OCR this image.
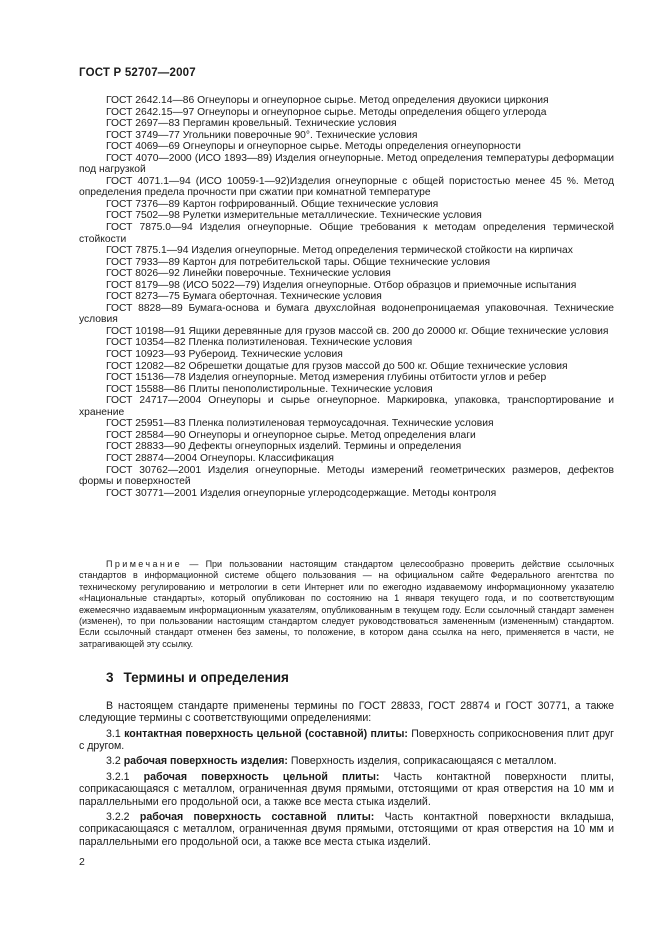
ГОСТ Р 52707—2007

ГОСТ 2642.14—86 Огнеупоры и огнеупорное сырье. Метод определения двуокиси циркония

ГОСТ 2642.15—97 Огнеупоры и огнеупорное сырье. Методы определения общего углерода

ГОСТ 2697—83 Пергамин кровельный. Технические условия

ГОСТ 3749—77 Угольники поверочные 90°. Технические условия

ГОСТ 4069—69 Огнеупоры и огнеупорное сырье. Методы определения огнеупорности

ГОСТ 4070—2000 (ИСО 1893—89) Изделия огнеупорные. Метод определения температуры деформации под нагрузкой

ГОСТ 4071.1—94 (ИСО 10059-1—92)Изделия огнеупорные с общей пористостью менее 45 %. Метод определения предела прочности при сжатии при комнатной температуре

ГОСТ 7376—89 Картон гофрированный. Общие технические условия

ГОСТ 7502—98 Рулетки измерительные металлические. Технические условия

ГОСТ 7875.0—94 Изделия огнеупорные. Общие требования к методам определения термической стойкости

ГОСТ 7875.1—94 Изделия огнеупорные. Метод определения термической стойкости на кирпичах

ГОСТ 7933—89 Картон для потребительской тары. Общие технические условия

ГОСТ 8026—92 Линейки поверочные. Технические условия

ГОСТ 8179—98 (ИСО 5022—79) Изделия огнеупорные. Отбор образцов и приемочные испытания

ГОСТ 8273—75 Бумага оберточная. Технические условия

ГОСТ 8828—89 Бумага-основа и бумага двухслойная водонепроницаемая упаковочная. Технические условия

ГОСТ 10198—91 Ящики деревянные для грузов массой св. 200 до 20000 кг. Общие технические условия

ГОСТ 10354—82 Пленка полиэтиленовая. Технические условия

ГОСТ 10923—93 Рубероид. Технические условия

ГОСТ 12082—82 Обрешетки дощатые для грузов массой до 500 кг. Общие технические условия

ГОСТ 15136—78 Изделия огнеупорные. Метод измерения глубины отбитости углов и ребер

ГОСТ 15588—86 Плиты пенополистирольные. Технические условия

ГОСТ 24717—2004 Огнеупоры и сырье огнеупорное. Маркировка, упаковка, транспортирование и хранение

ГОСТ 25951—83 Пленка полиэтиленовая термоусадочная. Технические условия

ГОСТ 28584—90 Огнеупоры и огнеупорное сырье. Метод определения влаги

ГОСТ 28833—90 Дефекты огнеупорных изделий. Термины и определения

ГОСТ 28874—2004 Огнеупоры. Классификация

ГОСТ 30762—2001 Изделия огнеупорные. Методы измерений геометрических размеров, дефектов формы и поверхностей

ГОСТ 30771—2001 Изделия огнеупорные углеродсодержащие. Методы контроля

Примечание — При пользовании настоящим стандартом целесообразно проверить действие ссылочных стандартов в информационной системе общего пользования — на официальном сайте Федерального агентства по техническому регулированию и метрологии в сети Интернет или по ежегодно издаваемому информационному указателю «Национальные стандарты», который опубликован по состоянию на 1 января текущего года, и по соответствующим ежемесячно издаваемым информационным указателям, опубликованным в текущем году. Если ссылочный стандарт заменен (изменен), то при пользовании настоящим стандартом следует руководствоваться замененным (измененным) стандартом. Если ссылочный стандарт отменен без замены, то положение, в котором дана ссылка на него, применяется в части, не затрагивающей эту ссылку.
3 Термины и определения

В настоящем стандарте применены термины по ГОСТ 28833, ГОСТ 28874 и ГОСТ 30771, а также следующие термины с соответствующими определениями:

3.1 контактная поверхность цельной (составной) плиты: Поверхность соприкосновения плит друг с другом.

3.2 рабочая поверхность изделия: Поверхность изделия, соприкасающаяся с металлом.

3.2.1 рабочая поверхность цельной плиты: Часть контактной поверхности плиты, соприкасающаяся с металлом, ограниченная двумя прямыми, отстоящими от края отверстия на 10 мм и параллельными его продольной оси, а также все места стыка изделий.

3.2.2 рабочая поверхность составной плиты: Часть контактной поверхности вкладыша, соприкасающаяся с металлом, ограниченная двумя прямыми, отстоящими от края отверстия на 10 мм и параллельными его продольной оси, а также все места стыка изделий.

2
